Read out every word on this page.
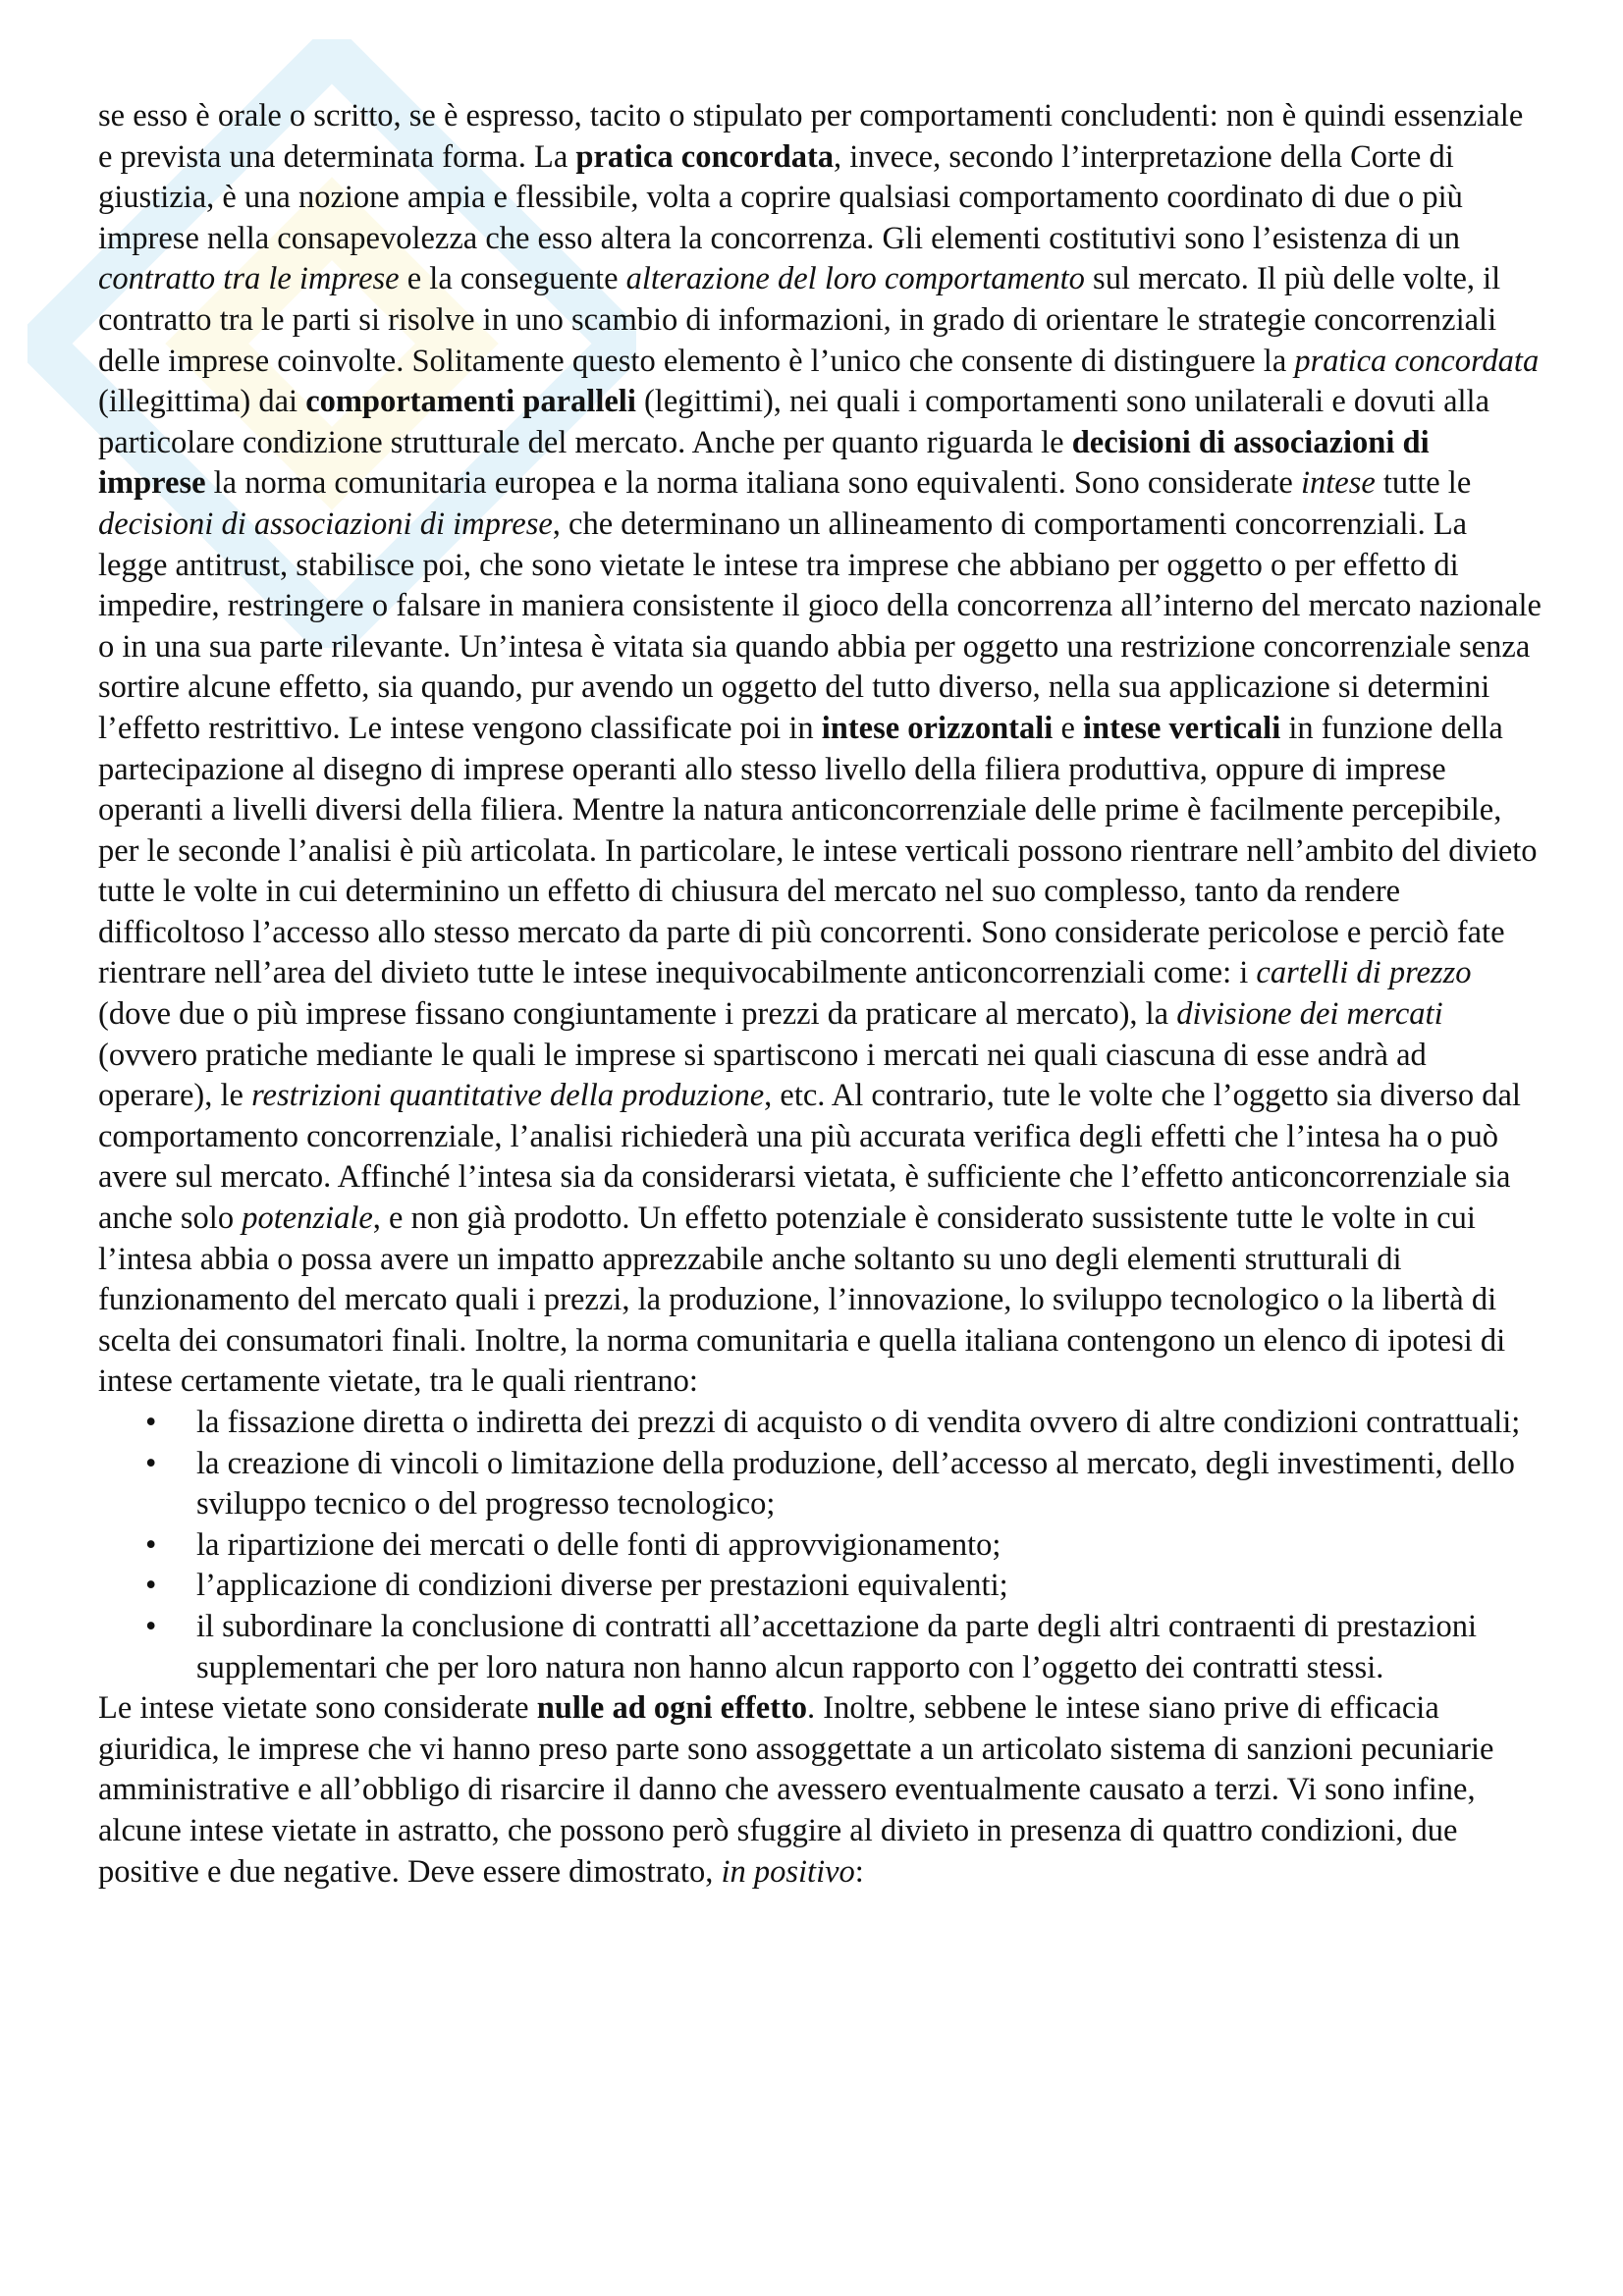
se esso è orale o scritto, se è espresso, tacito o stipulato per comportamenti concludenti: non è quindi essenziale e prevista una determinata forma. La pratica concordata, invece, secondo l’interpretazione della Corte di giustizia, è una nozione ampia e flessibile, volta a coprire qualsiasi comportamento coordinato di due o più imprese nella consapevolezza che esso altera la concorrenza. Gli elementi costitutivi sono l’esistenza di un contratto tra le imprese e la conseguente alterazione del loro comportamento sul mercato. Il più delle volte, il contratto tra le parti si risolve in uno scambio di informazioni, in grado di orientare le strategie concorrenziali delle imprese coinvolte. Solitamente questo elemento è l’unico che consente di distinguere la pratica concordata (illegittima) dai comportamenti paralleli (legittimi), nei quali i comportamenti sono unilaterali e dovuti alla particolare condizione strutturale del mercato. Anche per quanto riguarda le decisioni di associazioni di imprese la norma comunitaria europea e la norma italiana sono equivalenti. Sono considerate intese tutte le decisioni di associazioni di imprese, che determinano un allineamento di comportamenti concorrenziali. La legge antitrust, stabilisce poi, che sono vietate le intese tra imprese che abbiano per oggetto o per effetto di impedire, restringere o falsare in maniera consistente il gioco della concorrenza all’interno del mercato nazionale o in una sua parte rilevante. Un’intesa è vitata sia quando abbia per oggetto una restrizione concorrenziale senza sortire alcune effetto, sia quando, pur avendo un oggetto del tutto diverso, nella sua applicazione si determini l’effetto restrittivo. Le intese vengono classificate poi in intese orizzontali e intese verticali in funzione della partecipazione al disegno di imprese operanti allo stesso livello della filiera produttiva, oppure di imprese operanti a livelli diversi della filiera. Mentre la natura anticoncorrenziale delle prime è facilmente percepibile, per le seconde l’analisi è più articolata. In particolare, le intese verticali possono rientrare nell’ambito del divieto tutte le volte in cui determinino un effetto di chiusura del mercato nel suo complesso, tanto da rendere difficoltoso l’accesso allo stesso mercato da parte di più concorrenti. Sono considerate pericolose e perciò fate rientrare nell’area del divieto tutte le intese inequivocabilmente anticoncorrenziali come: i cartelli di prezzo (dove due o più imprese fissano congiuntamente i prezzi da praticare al mercato), la divisione dei mercati (ovvero pratiche mediante le quali le imprese si spartiscono i mercati nei quali ciascuna di esse andrà ad operare), le restrizioni quantitative della produzione, etc. Al contrario, tute le volte che l’oggetto sia diverso dal comportamento concorrenziale, l’analisi richiederà una più accurata verifica degli effetti che l’intesa ha o può avere sul mercato. Affinché l’intesa sia da considerarsi vietata, è sufficiente che l’effetto anticoncorrenziale sia anche solo potenziale, e non già prodotto. Un effetto potenziale è considerato sussistente tutte le volte in cui l’intesa abbia o possa avere un impatto apprezzabile anche soltanto su uno degli elementi strutturali di funzionamento del mercato quali i prezzi, la produzione, l’innovazione, lo sviluppo tecnologico o la libertà di scelta dei consumatori finali. Inoltre, la norma comunitaria e quella italiana contengono un elenco di ipotesi di intese certamente vietate, tra le quali rientrano:

• la fissazione diretta o indiretta dei prezzi di acquisto o di vendita ovvero di altre condizioni contrattuali;
• la creazione di vincoli o limitazione della produzione, dell’accesso al mercato, degli investimenti, dello sviluppo tecnico o del progresso tecnologico;
• la ripartizione dei mercati o delle fonti di approvvigionamento;
• l’applicazione di condizioni diverse per prestazioni equivalenti;
• il subordinare la conclusione di contratti all’accettazione da parte degli altri contraenti di prestazioni supplementari che per loro natura non hanno alcun rapporto con l’oggetto dei contratti stessi.

Le intese vietate sono considerate nulle ad ogni effetto. Inoltre, sebbene le intese siano prive di efficacia giuridica, le imprese che vi hanno preso parte sono assoggettate a un articolato sistema di sanzioni pecuniarie amministrative e all’obbligo di risarcire il danno che avessero eventualmente causato a terzi. Vi sono infine, alcune intese vietate in astratto, che possono però sfuggire al divieto in presenza di quattro condizioni, due positive e due negative. Deve essere dimostrato, in positivo:
